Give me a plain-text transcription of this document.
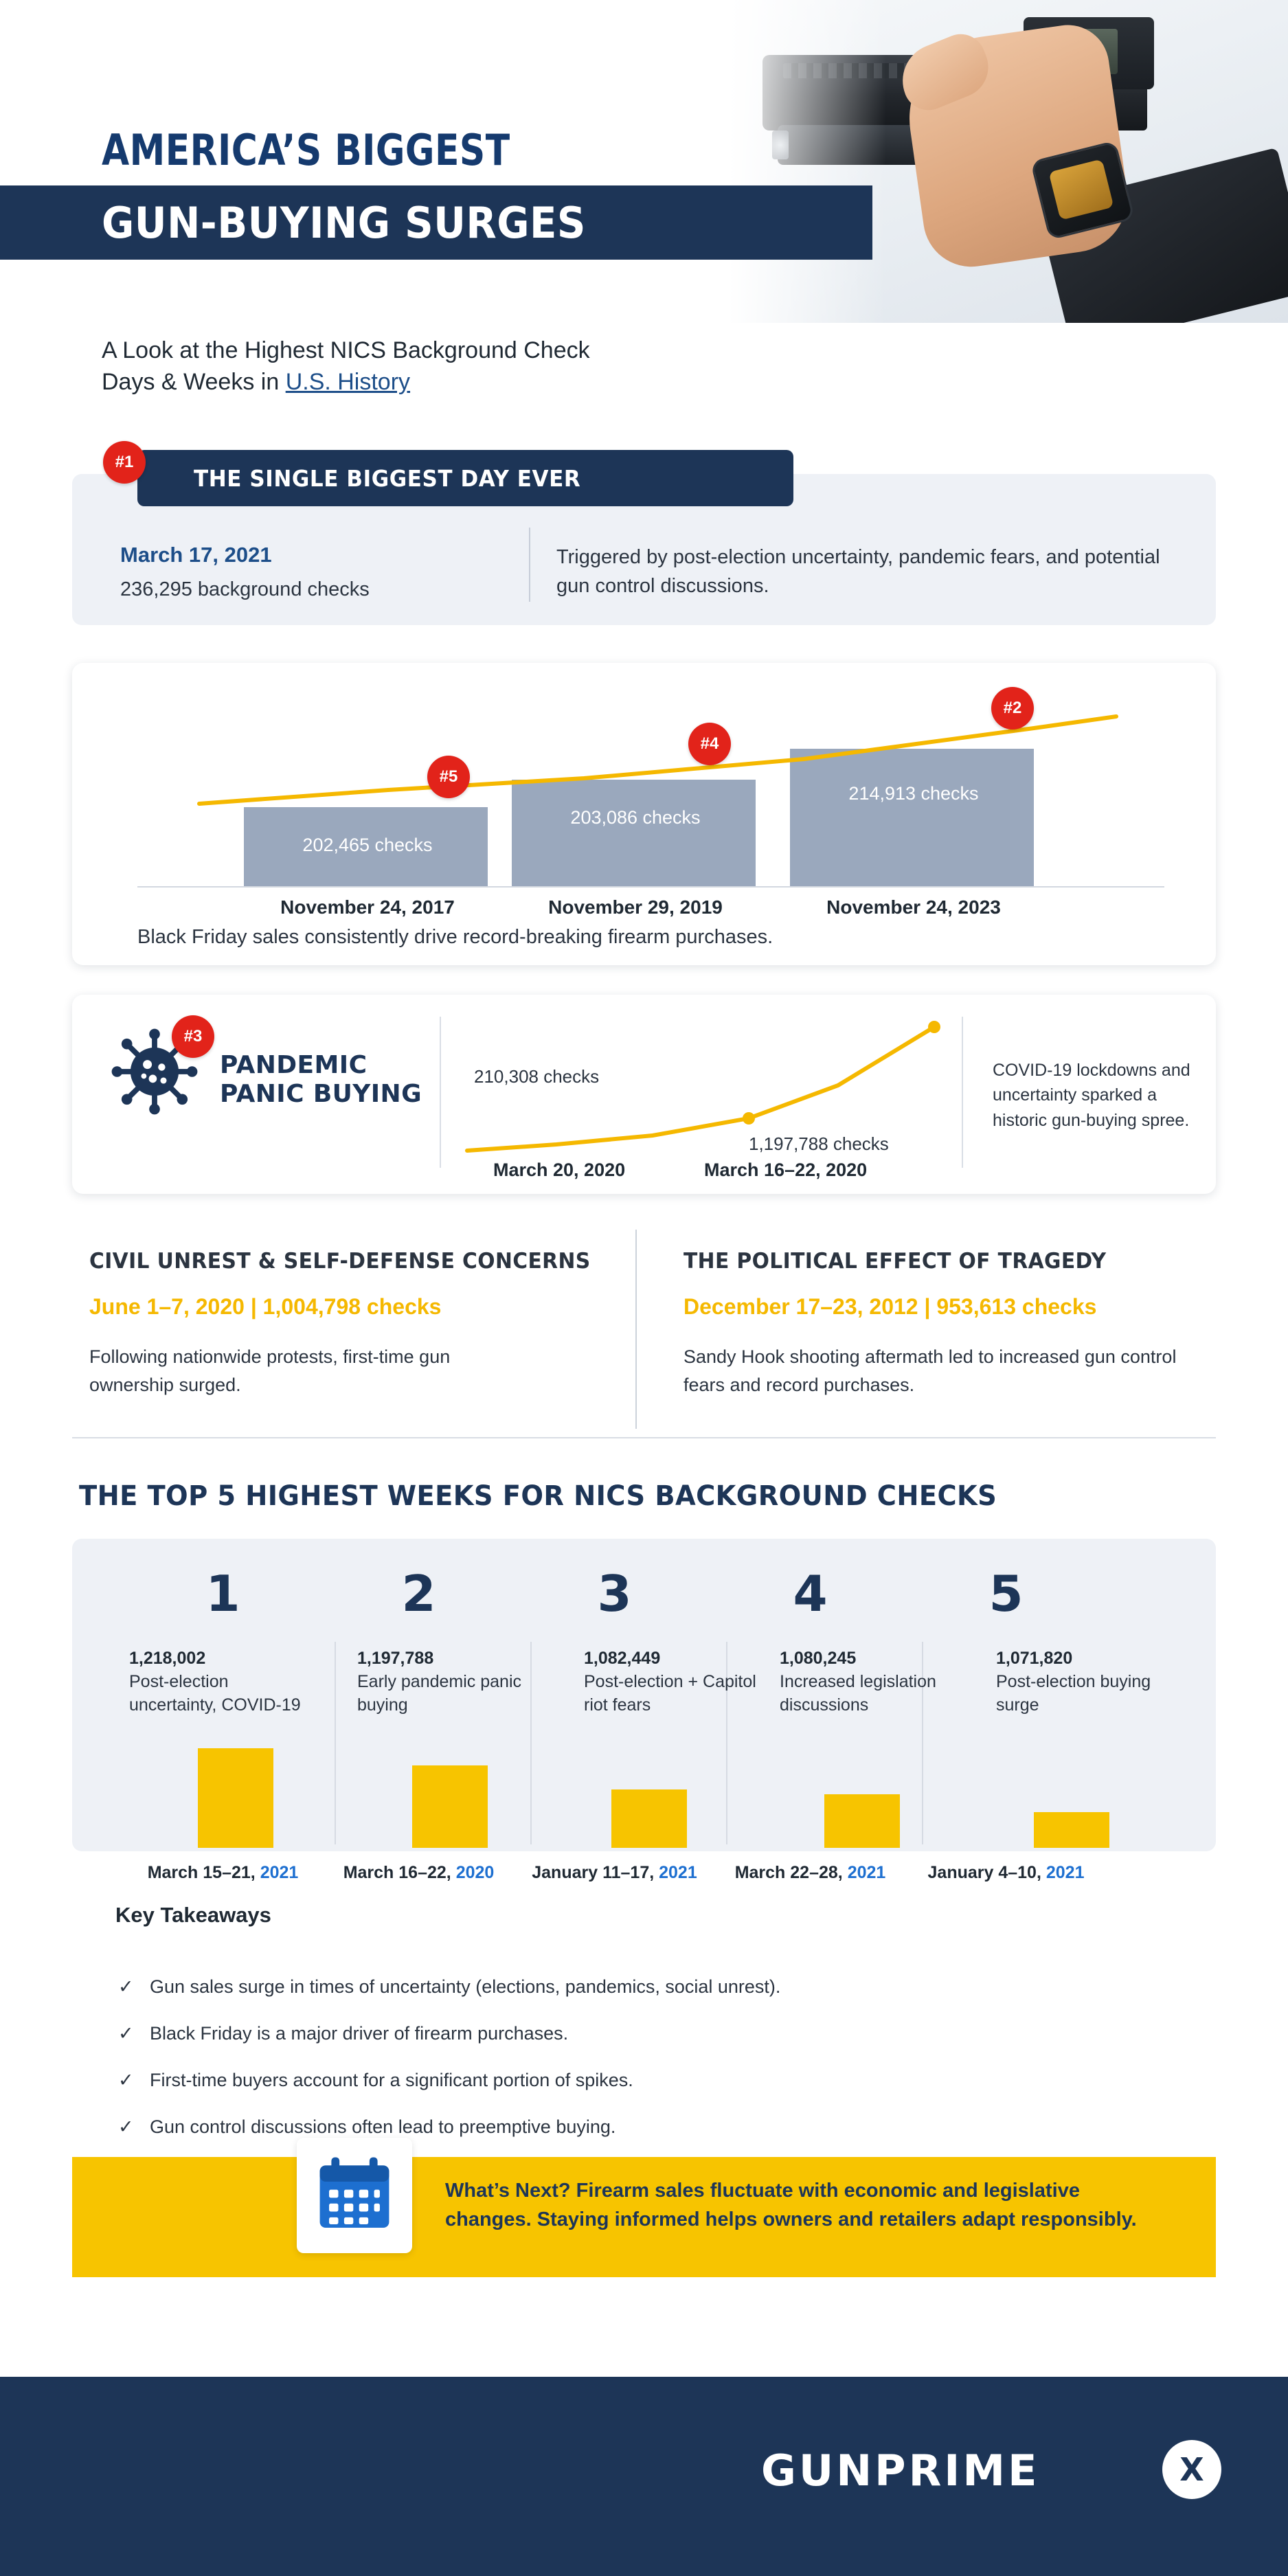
AMERICA’S BIGGEST
GUN-BUYING SURGES
A Look at the Highest NICS Background Check
Days & Weeks in U.S. History
THE SINGLE BIGGEST DAY EVER
#1
March 17, 2021
236,295 background checks
Triggered by post-election uncertainty, pandemic fears, and potential gun control discussions.
202,465 checks
203,086 checks
214,913 checks
November 24, 2017	November 29, 2019	November 24, 2023
#5
#4
#2
Black Friday sales consistently drive record-breaking firearm purchases.
#3
PANDEMIC
PANIC BUYING
210,308 checks
1,197,788 checks
March 20, 2020	March 16–22, 2020
COVID-19 lockdowns and uncertainty sparked a historic gun-buying spree.
CIVIL UNREST & SELF-DEFENSE CONCERNS
June 1–7, 2020 | 1,004,798 checks
Following nationwide protests, first-time gun ownership surged.
THE POLITICAL EFFECT OF TRAGEDY
December 17–23, 2012 | 953,613 checks
Sandy Hook shooting aftermath led to increased gun control fears and record purchases.
THE TOP 5 HIGHEST WEEKS FOR NICS BACKGROUND CHECKS
1	2	3	4	5
1,218,002
Post-election uncertainty, COVID-19
1,197,788
Early pandemic panic buying
1,082,449
Post-election + Capitol riot fears
1,080,245
Increased legislation discussions
1,071,820
Post-election buying surge
March 15–21, 2021	March 16–22, 2020	January 11–17, 2021	March 22–28, 2021	January 4–10, 2021
Key Takeaways
✓ Gun sales surge in times of uncertainty (elections, pandemics, social unrest).
✓ Black Friday is a major driver of firearm purchases.
✓ First-time buyers account for a significant portion of spikes.
✓ Gun control discussions often lead to preemptive buying.
What’s Next? Firearm sales fluctuate with economic and legislative changes. Staying informed helps owners and retailers adapt responsibly.
GUNPRIME	X
